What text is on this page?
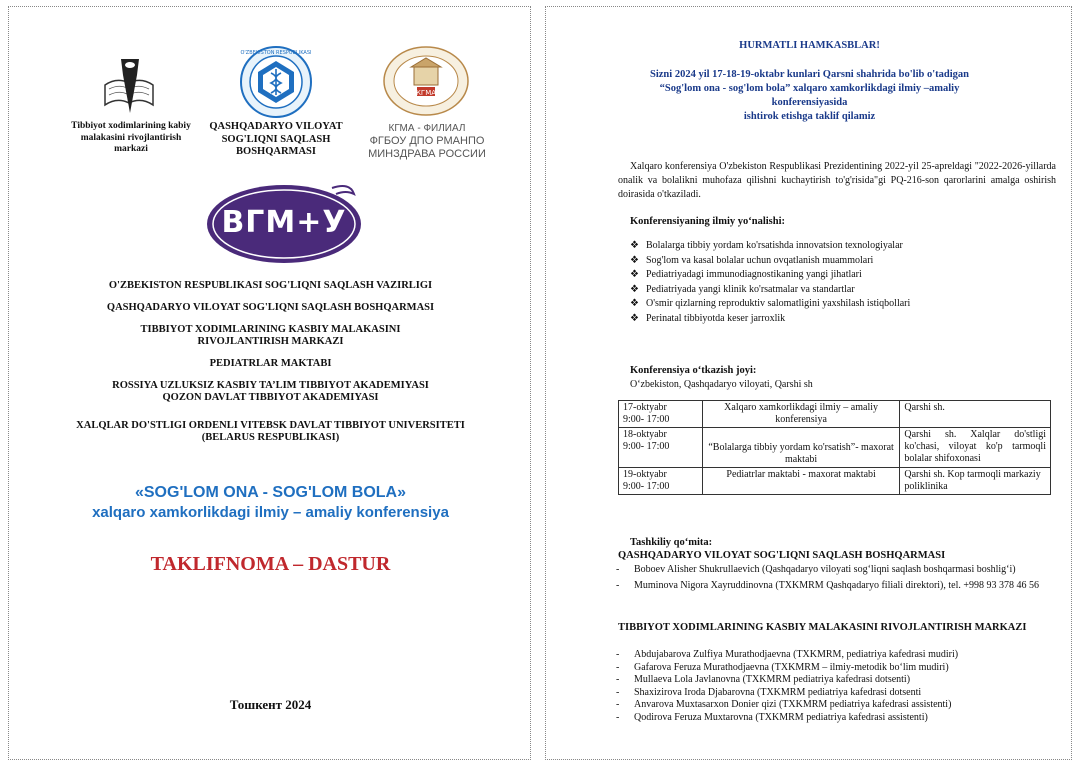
Tibbiyot xodimlarining kabiy malakasini rivojlantirish markazi
O'ZBEKISTON RESPUBLIKASI
QASHQADARYO VILOYAT SOG'LIQNI SAQLASH BOSHQARMASI
КГМА
КГМА - ФИЛИАЛ
ФГБОУ ДПО РМАНПО
МИНЗДРАВА РОССИИ
ВГМ+У
O'ZBEKISTON RESPUBLIKASI SOG'LIQNI SAQLASH VAZIRLIGI
QASHQADARYO VILOYAT SOG'LIQNI SAQLASH BOSHQARMASI
TIBBIYOT XODIMLARINING KASBIY MALAKASINI
RIVOJLANTIRISH MARKAZI
PEDIATRLAR MAKTABI
ROSSIYA UZLUKSIZ KASBIY TA’LIM TIBBIYOT AKADEMIYASI
QOZON DAVLAT TIBBIYOT AKADEMIYASI
XALQLAR DO'STLIGI ORDENLI VITEBSK DAVLAT TIBBIYOT UNIVERSITETI
(BELARUS RESPUBLIKASI)
«SOG'LOM ONA - SOG'LOM BOLA»
xalqaro xamkorlikdagi ilmiy – amaliy konferensiya
TAKLIFNOMA – DASTUR
Тошкент 2024
HURMATLI HAMKASBLAR!
Sizni 2024 yil 17-18-19-oktabr kunlari Qarsni shahrida bo'lib o'tadigan
“Sog'lom ona - sog'lom bola” xalqaro xamkorlikdagi ilmiy –amaliy
konferensiyasida
ishtirok etishga taklif qilamiz
Xalqaro konferensiya O'zbekiston Respublikasi Prezidentining 2022-yil 25-apreldagi "2022-2026-yillarda onalik va bolalikni muhofaza qilishni kuchaytirish to'g'risida"gi PQ-216-son qarorlarini amalga oshirish doirasida o'tkaziladi.
Konferensiyaning ilmiy yo‘nalishi:
❖ Bolalarga tibbiy yordam ko'rsatishda innovatsion texnologiyalar
❖ Sog'lom va kasal bolalar uchun ovqatlanish muammolari
❖ Pediatriyadagi immunodiagnostikaning yangi jihatlari
❖ Pediatriyada yangi klinik ko'rsatmalar va standartlar
❖ O'smir qizlarning reproduktiv salomatligini yaxshilash istiqbollari
❖ Perinatal tibbiyotda keser jarroxlik
Konferensiya o‘tkazish joyi:
O‘zbekiston, Qashqadaryo viloyati, Qarshi sh
17-oktyabr
9:00- 17:00	Xalqaro xamkorlikdagi ilmiy – amaliy konferensiya	Qarshi sh.

18-oktyabr
9:00- 17:00	“Bolalarga tibbiy yordam ko'rsatish”- maxorat maktabi	Qarshi sh. Xalqlar do'stligi ko'chasi, viloyat ko'p tarmoqli bolalar shifoxonasi

19-oktyabr
9:00- 17:00	Pediatrlar maktabi - maxorat maktabi	Qarshi sh. Kop tarmoqli markaziy poliklinika
Tashkiliy qo‘mita:
QASHQADARYO VILOYAT SOG'LIQNI SAQLASH BOSHQARMASI
- Boboev Alisher Shukrullaevich (Qashqadaryo viloyati sog‘liqni saqlash boshqarmasi boshlig‘i)
- Muminova Nigora Xayruddinovna (TXKMRM Qashqadaryo filiali direktori), tel. +998 93 378 46 56
TIBBIYOT XODIMLARINING KASBIY MALAKASINI RIVOJLANTIRISH MARKAZI
- Abdujabarova Zulfiya Murathodjaevna (TXKMRM, pediatriya kafedrasi mudiri)
- Gafarova Feruza Murathodjaevna (TXKMRM – ilmiy-metodik bo‘lim mudiri)
- Mullaeva Lola Javlanovna (TXKMRM pediatriya kafedrasi dotsenti)
- Shaxizirova Iroda Djabarovna (TXKMRM pediatriya kafedrasi dotsenti
- Anvarova Muxtasarxon Donier qizi (TXKMRM pediatriya kafedrasi assistenti)
- Qodirova Feruza Muxtarovna (TXKMRM pediatriya kafedrasi assistenti)
